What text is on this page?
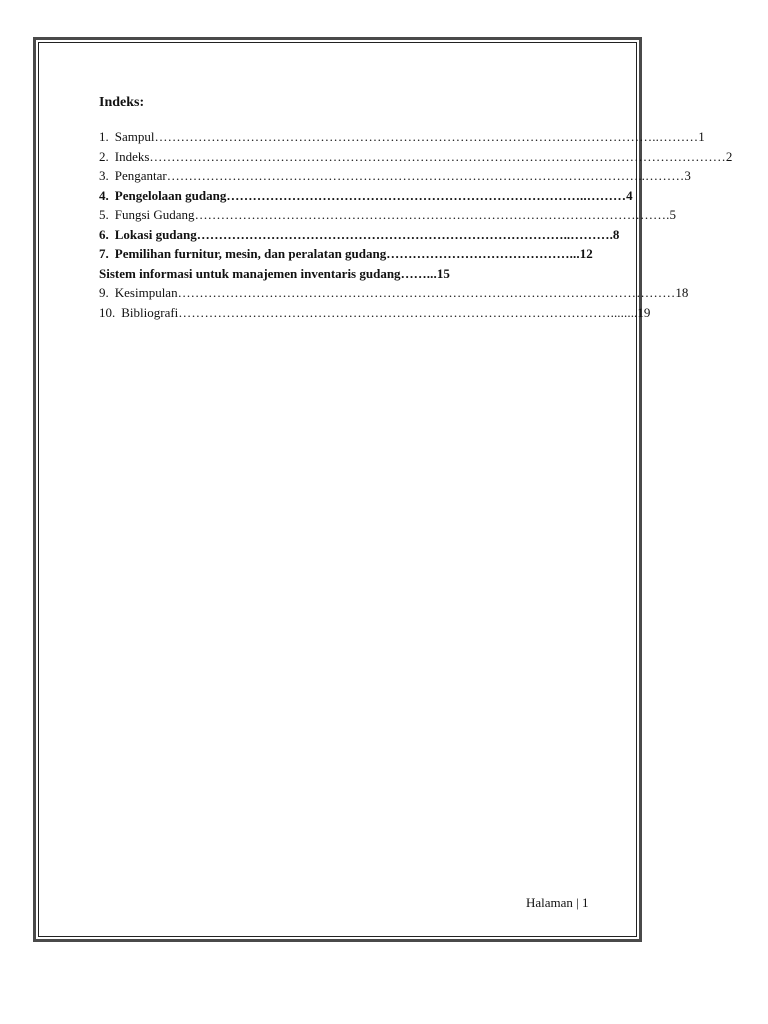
Indeks:
1. Sampul……………………………………………………………………………………………………..………1
2. Indeks……………………………………………………………………………………………………………………2
3. Pengantar………………………………………………………………………………………………..………3
4. Pengelolaan gudang………………………………………………………………………..………4
5. Fungsi Gudang……………………………………………………………………………………………….5
6. Lokasi gudang…………………………………………………………………………..……….8
7. Pemilihan furnitur, mesin, dan peralatan gudang……………………………………...12
Sistem informasi untuk manajemen inventaris gudang……...15
9. Kesimpulan……………………………………………………………………………………………………18
10. Bibliografi………………………………………………………………………………………........19
Halaman | 1
